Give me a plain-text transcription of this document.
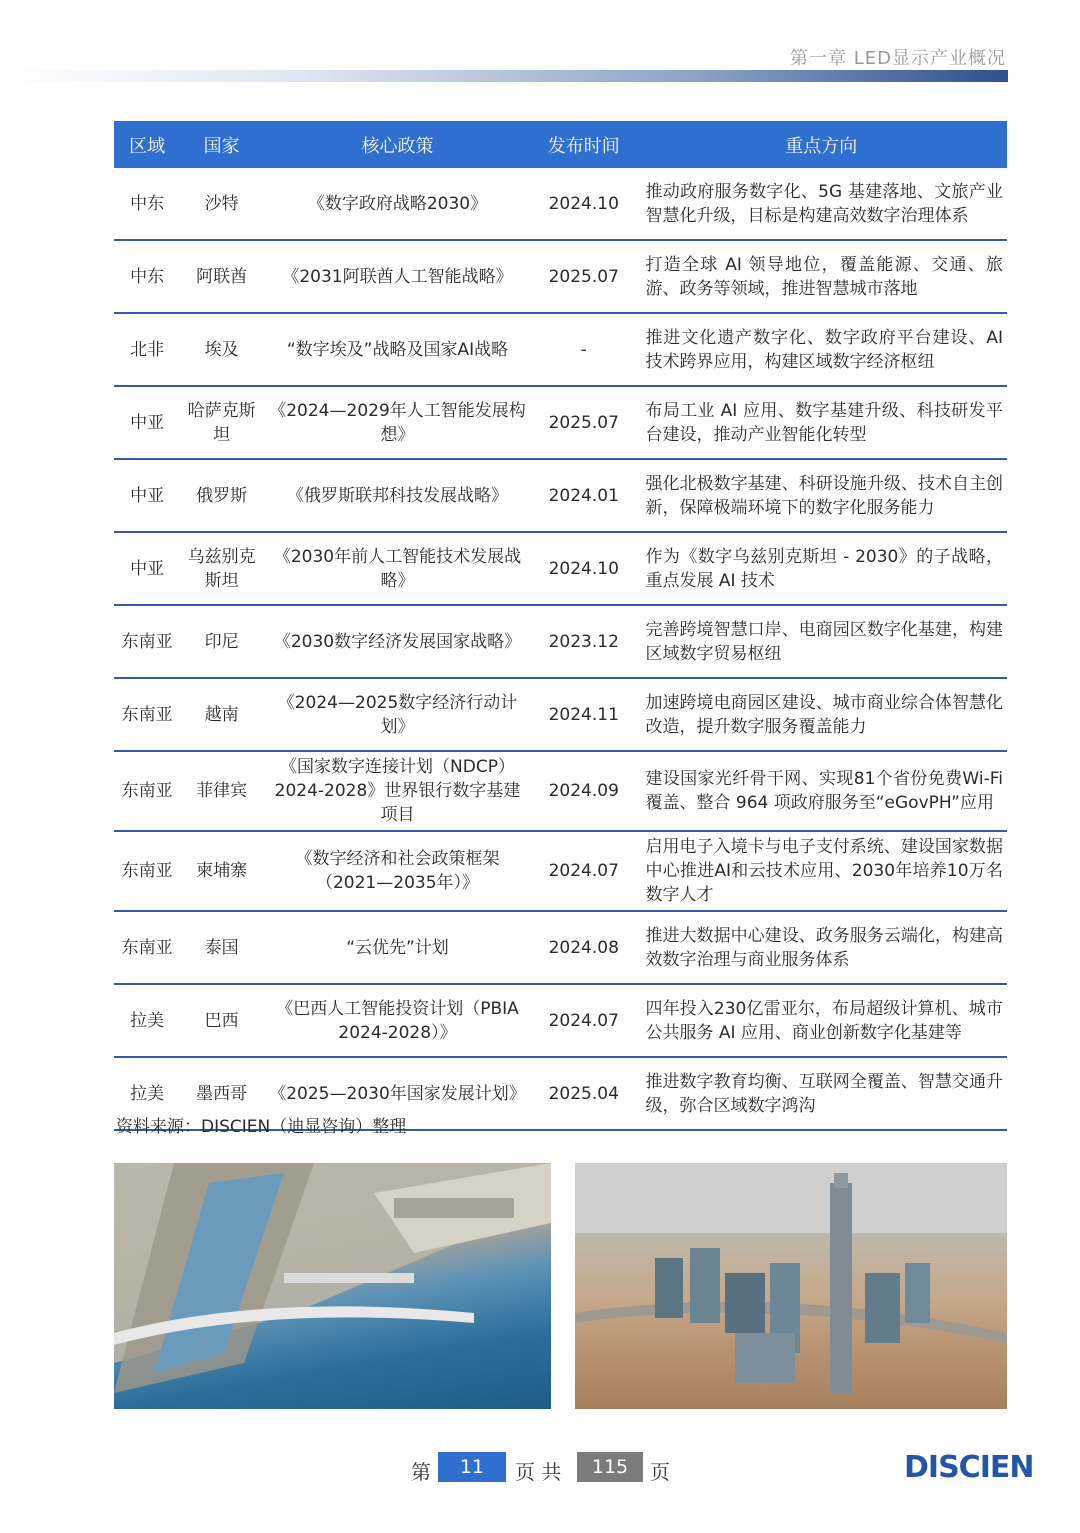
第一章 LED显示产业概况
区域	国家	核心政策	发布时间	重点方向
中东	沙特	《数字政府战略2030》	2024.10	推动政府服务数字化、5G 基建落地、文旅产业智慧化升级，目标是构建高效数字治理体系
中东	阿联酋	《2031阿联酋人工智能战略》	2025.07	打造全球 AI 领导地位，覆盖能源、交通、旅游、政务等领域，推进智慧城市落地
北非	埃及	“数字埃及”战略及国家AI战略	-	推进文化遗产数字化、数字政府平台建设、AI 技术跨界应用，构建区域数字经济枢纽
中亚	哈萨克斯坦	《2024—2029年人工智能发展构想》	2025.07	布局工业 AI 应用、数字基建升级、科技研发平台建设，推动产业智能化转型
中亚	俄罗斯	《俄罗斯联邦科技发展战略》	2024.01	强化北极数字基建、科研设施升级、技术自主创新，保障极端环境下的数字化服务能力
中亚	乌兹别克斯坦	《2030年前人工智能技术发展战略》	2024.10	作为《数字乌兹别克斯坦 - 2030》的子战略，重点发展 AI 技术
东南亚	印尼	《2030数字经济发展国家战略》	2023.12	完善跨境智慧口岸、电商园区数字化基建，构建区域数字贸易枢纽
东南亚	越南	《2024—2025数字经济行动计划》	2024.11	加速跨境电商园区建设、城市商业综合体智慧化改造，提升数字服务覆盖能力
东南亚	菲律宾	《国家数字连接计划（NDCP）2024-2028》世界银行数字基建项目	2024.09	建设国家光纤骨干网、实现81个省份免费Wi-Fi 覆盖、整合 964 项政府服务至“eGovPH”应用
东南亚	柬埔寨	《数字经济和社会政策框架（2021—2035年）》	2024.07	启用电子入境卡与电子支付系统、建设国家数据中心推进AI和云技术应用、2030年培养10万名数字人才
东南亚	泰国	“云优先”计划	2024.08	推进大数据中心建设、政务服务云端化，构建高效数字治理与商业服务体系
拉美	巴西	《巴西人工智能投资计划（PBIA 2024-2028）》	2024.07	四年投入230亿雷亚尔，布局超级计算机、城市公共服务 AI 应用、商业创新数字化基建等
拉美	墨西哥	《2025—2030年国家发展计划》	2025.04	推进数字教育均衡、互联网全覆盖、智慧交通升级，弥合区域数字鸿沟
资料来源：DISCIEN（迪显咨询）整理
第	11	页 共	115	页	DISCIEN
